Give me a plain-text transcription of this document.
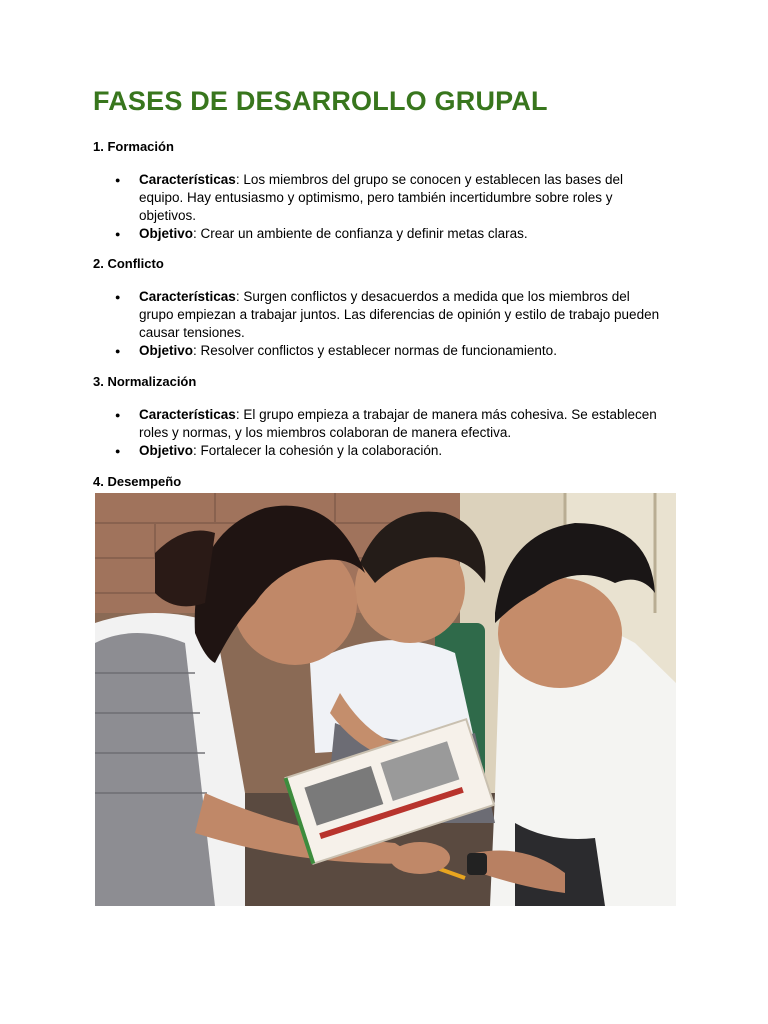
FASES DE DESARROLLO GRUPAL

1. Formación

● Características: Los miembros del grupo se conocen y establecen las bases del equipo. Hay entusiasmo y optimismo, pero también incertidumbre sobre roles y objetivos.
● Objetivo: Crear un ambiente de confianza y definir metas claras.

2. Conflicto

● Características: Surgen conflictos y desacuerdos a medida que los miembros del grupo empiezan a trabajar juntos. Las diferencias de opinión y estilo de trabajo pueden causar tensiones.
● Objetivo: Resolver conflictos y establecer normas de funcionamiento.

3. Normalización

● Características: El grupo empieza a trabajar de manera más cohesiva. Se establecen roles y normas, y los miembros colaboran de manera efectiva.
● Objetivo: Fortalecer la cohesión y la colaboración.

4. Desempeño
